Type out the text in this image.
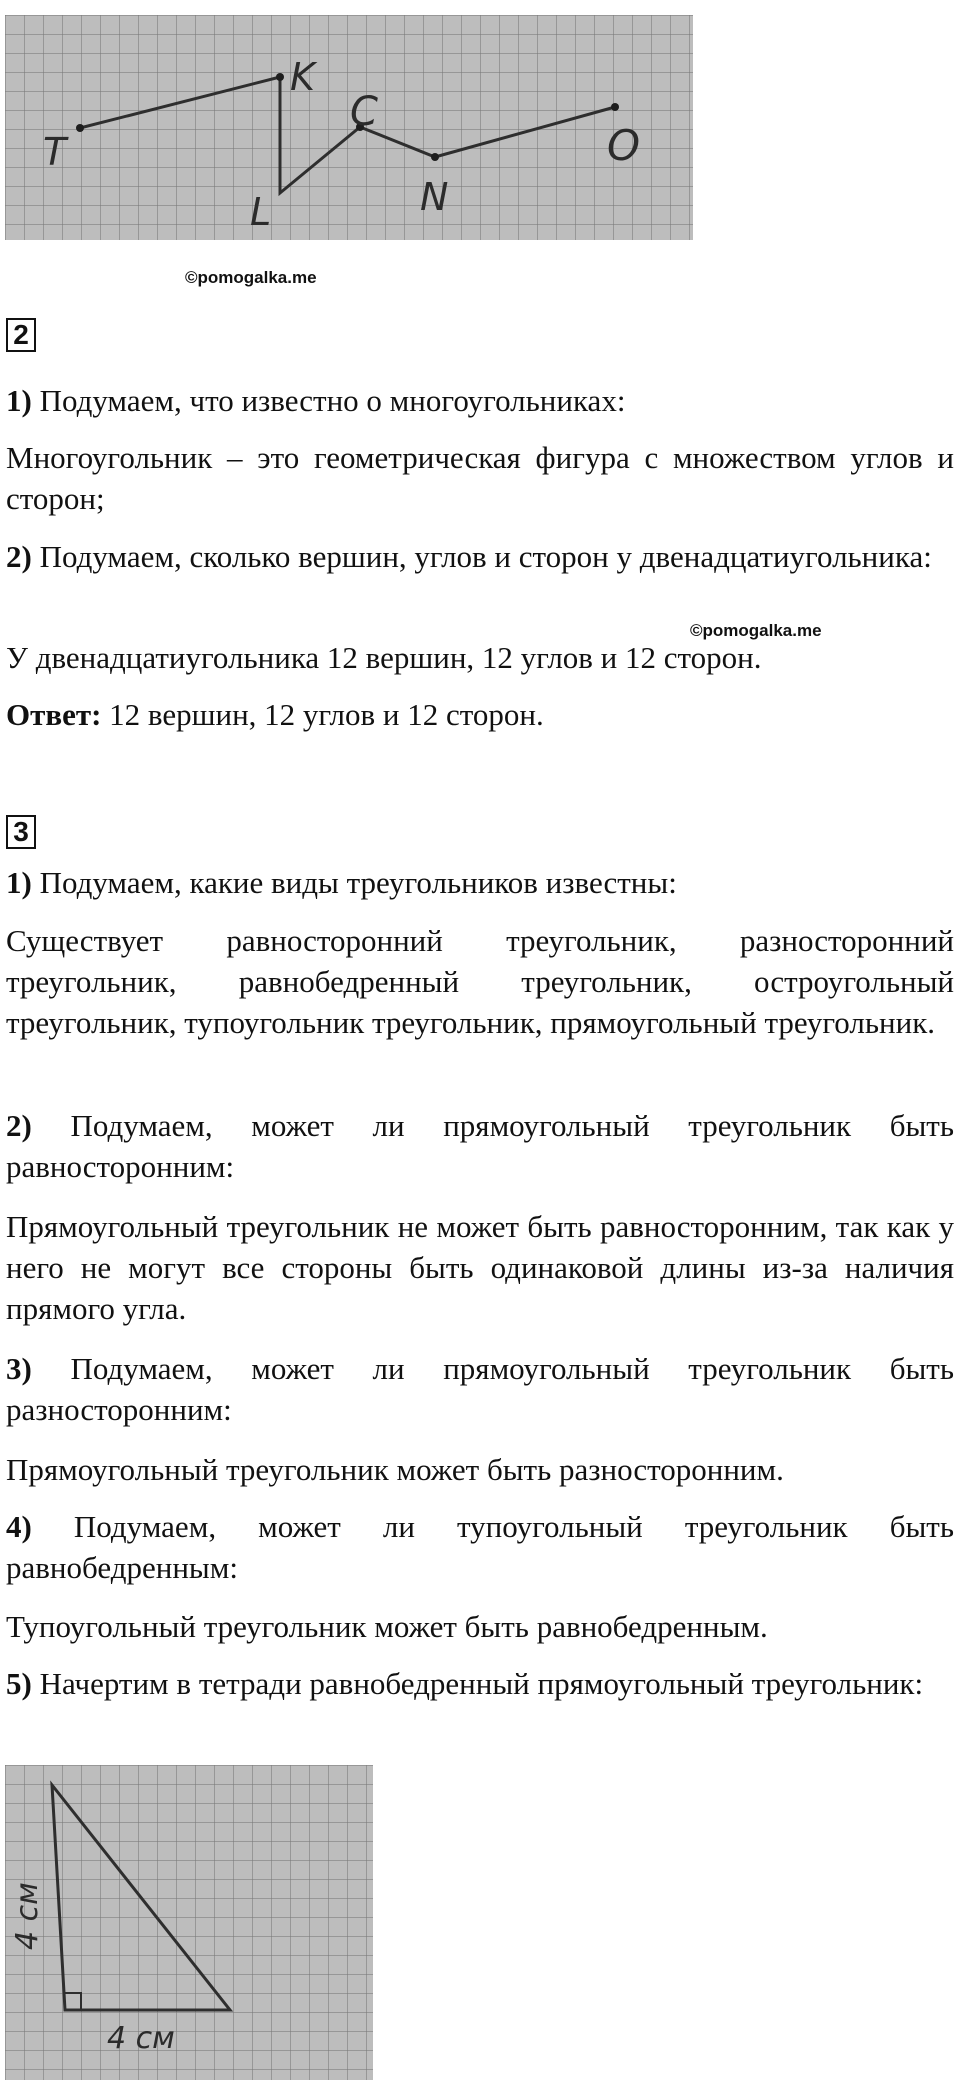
T
K
L
C
N
O
©pomogalka.me
2

1) Подумаем, что известно о многоугольниках:

Многоугольник – это геометрическая фигура с множеством углов и сторон;

2) Подумаем, сколько вершин, углов и сторон у двенадцатиугольника:

©pomogalka.me

У двенадцатиугольника 12 вершин, 12 углов и 12 сторон.

Ответ: 12 вершин, 12 углов и 12 сторон.

3

1) Подумаем, какие виды треугольников известны:

Существует равносторонний треугольник, разносторонний треугольник, равнобедренный треугольник, остроугольный треугольник, тупоугольник треугольник, прямоугольный треугольник.

2) Подумаем, может ли прямоугольный треугольник быть равносторонним:

Прямоугольный треугольник не может быть равносторонним, так как у него не могут все стороны быть одинаковой длины из-за наличия прямого угла.

3) Подумаем, может ли прямоугольный треугольник быть разносторонним:

Прямоугольный треугольник может быть разносторонним.

4) Подумаем, может ли тупоугольный треугольник быть равнобедренным:

Тупоугольный треугольник может быть равнобедренным.

5) Начертим в тетради равнобедренный прямоугольный треугольник:

4 см
4 см
